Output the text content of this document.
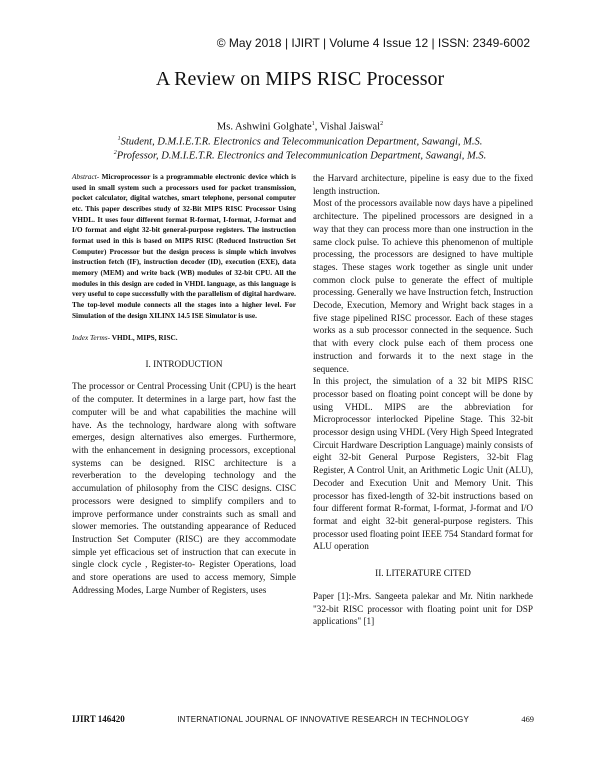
© May 2018 | IJIRT | Volume 4 Issue 12 | ISSN: 2349-6002
A Review on MIPS RISC Processor
Ms. Ashwini Golghate$^1$, Vishal Jaiswal$^2$
$^1$Student, D.M.I.E.T.R. Electronics and Telecommunication Department, Sawangi, M.S.
$^2$Professor, D.M.I.E.T.R. Electronics and Telecommunication Department, Sawangi, M.S.

Abstract- Microprocessor is a programmable electronic device which is used in small system such a processors used for packet transmission, pocket calculator, digital watches, smart telephone, personal computer etc. This paper describes study of 32-Bit MIPS RISC Processor Using VHDL. It uses four different format R-format, I-format, J-format and I/O format and eight 32-bit general-purpose registers. The instruction format used in this is based on MIPS RISC (Reduced Instruction Set Computer) Processor but the design process is simple which involves instruction fetch (IF), instruction decoder (ID), execution (EXE), data memory (MEM) and write back (WB) modules of 32-bit CPU. All the modules in this design are coded in VHDL language, as this language is very useful to cope successfully with the parallelism of digital hardware. The top-level module connects all the stages into a higher level. For Simulation of the design XILINX 14.5 ISE Simulator is use.

Index Terms- VHDL, MIPS, RISC.

I. INTRODUCTION

The processor or Central Processing Unit (CPU) is the heart of the computer. It determines in a large part, how fast the computer will be and what capabilities the machine will have. As the technology, hardware along with software emerges, design alternatives also emerges. Furthermore, with the enhancement in designing processors, exceptional systems can be designed. RISC architecture is a reverberation to the developing technology and the accumulation of philosophy from the CISC designs. CISC processors were designed to simplify compilers and to improve performance under constraints such as small and slower memories. The outstanding appearance of Reduced Instruction Set Computer (RISC) are they accommodate simple yet efficacious set of instruction that can execute in single clock cycle , Register-to- Register Operations, load and store operations are used to access memory, Simple Addressing Modes, Large Number of Registers, uses

the Harvard architecture, pipeline is easy due to the fixed length instruction.

Most of the processors available now days have a pipelined architecture. The pipelined processors are designed in a way that they can process more than one instruction in the same clock pulse. To achieve this phenomenon of multiple processing, the processors are designed to have multiple stages. These stages work together as single unit under common clock pulse to generate the effect of multiple processing. Generally we have Instruction fetch, Instruction Decode, Execution, Memory and Wright back stages in a five stage pipelined RISC processor. Each of these stages works as a sub processor connected in the sequence. Such that with every clock pulse each of them process one instruction and forwards it to the next stage in the sequence.

In this project, the simulation of a 32 bit MIPS RISC processor based on floating point concept will be done by using VHDL. MIPS are the abbreviation for Microprocessor interlocked Pipeline Stage. This 32-bit processor design using VHDL (Very High Speed Integrated Circuit Hardware Description Language) mainly consists of eight 32-bit General Purpose Registers, 32-bit Flag Register, A Control Unit, an Arithmetic Logic Unit (ALU), Decoder and Execution Unit and Memory Unit. This processor has fixed-length of 32-bit instructions based on four different format R-format, I-format, J-format and I/O format and eight 32-bit general-purpose registers. This processor used floating point IEEE 754 Standard format for ALU operation

II. LITERATURE CITED

Paper [1]:-Mrs. Sangeeta palekar and Mr. Nitin narkhede "32-bit RISC processor with floating point unit for DSP applications" [1]

IJIRT 146420	INTERNATIONAL JOURNAL OF INNOVATIVE RESEARCH IN TECHNOLOGY	469
